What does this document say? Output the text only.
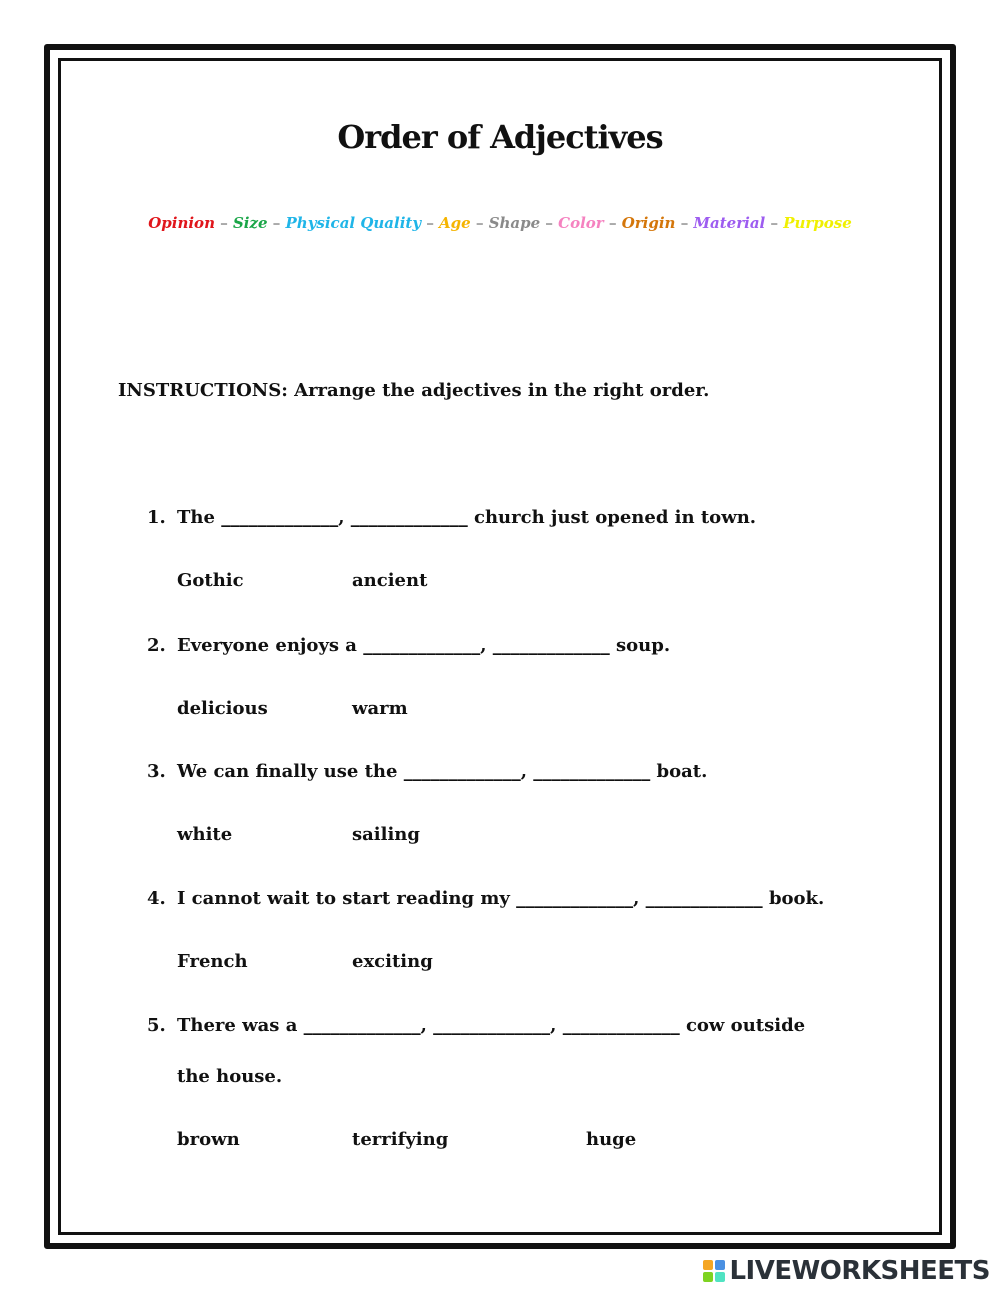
Order of Adjectives
Opinion – Size – Physical Quality – Age – Shape – Color – Origin – Material – Purpose
INSTRUCTIONS: Arrange the adjectives in the right order.
1. The _____________, _____________ church just opened in town.
Gothic	ancient
2. Everyone enjoys a _____________, _____________ soup.
delicious	warm
3. We can finally use the _____________, _____________ boat.
white	sailing
4. I cannot wait to start reading my _____________, _____________ book.
French	exciting
5. There was a _____________, _____________, _____________ cow outside
the house.
brown	terrifying	huge
LIVEWORKSHEETS
